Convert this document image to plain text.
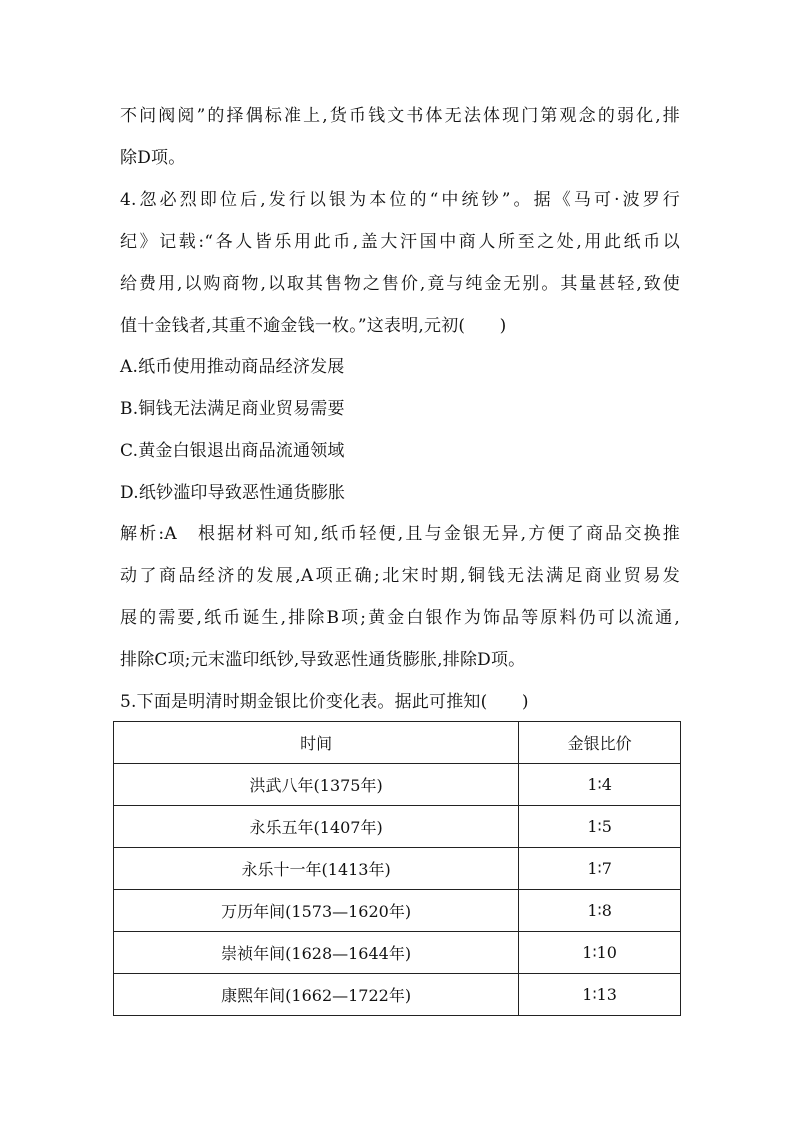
不问阀阅”的择偶标准上,货币钱文书体无法体现门第观念的弱化,排
除D项。
4.忽必烈即位后,发行以银为本位的“中统钞”。据《马可·波罗行
纪》记载:“各人皆乐用此币,盖大汗国中商人所至之处,用此纸币以
给费用,以购商物,以取其售物之售价,竟与纯金无别。其量甚轻,致使
值十金钱者,其重不逾金钱一枚。”这表明,元初(　　)
A.纸币使用推动商品经济发展
B.铜钱无法满足商业贸易需要
C.黄金白银退出商品流通领域
D.纸钞滥印导致恶性通货膨胀
解析:A　根据材料可知,纸币轻便,且与金银无异,方便了商品交换推
动了商品经济的发展,A项正确;北宋时期,铜钱无法满足商业贸易发
展的需要,纸币诞生,排除B项;黄金白银作为饰品等原料仍可以流通,
排除C项;元末滥印纸钞,导致恶性通货膨胀,排除D项。
5.下面是明清时期金银比价变化表。据此可推知(　　)
时间	金银比价
洪武八年(1375年)	1∶4
永乐五年(1407年)	1∶5
永乐十一年(1413年)	1∶7
万历年间(1573—1620年)	1∶8
崇祯年间(1628—1644年)	1∶10
康熙年间(1662—1722年)	1∶13
